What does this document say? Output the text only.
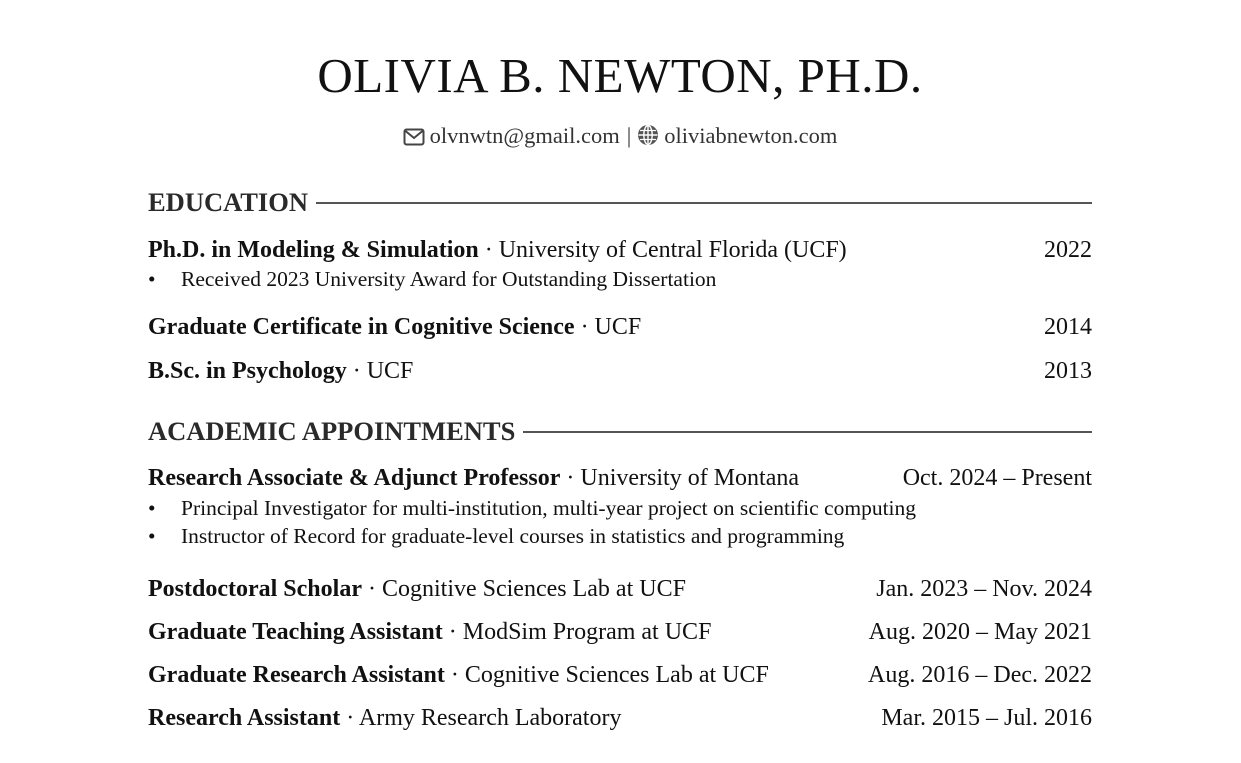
OLIVIA B. NEWTON, PH.D.
olvnwtn@gmail.com | oliviabnewton.com
EDUCATION
Ph.D. in Modeling & Simulation · University of Central Florida (UCF)	2022
• Received 2023 University Award for Outstanding Dissertation
Graduate Certificate in Cognitive Science · UCF	2014
B.Sc. in Psychology · UCF	2013
ACADEMIC APPOINTMENTS
Research Associate & Adjunct Professor · University of Montana	Oct. 2024 – Present
• Principal Investigator for multi-institution, multi-year project on scientific computing
• Instructor of Record for graduate-level courses in statistics and programming
Postdoctoral Scholar · Cognitive Sciences Lab at UCF	Jan. 2023 – Nov. 2024
Graduate Teaching Assistant · ModSim Program at UCF	Aug. 2020 – May 2021
Graduate Research Assistant · Cognitive Sciences Lab at UCF	Aug. 2016 – Dec. 2022
Research Assistant · Army Research Laboratory	Mar. 2015 – Jul. 2016
